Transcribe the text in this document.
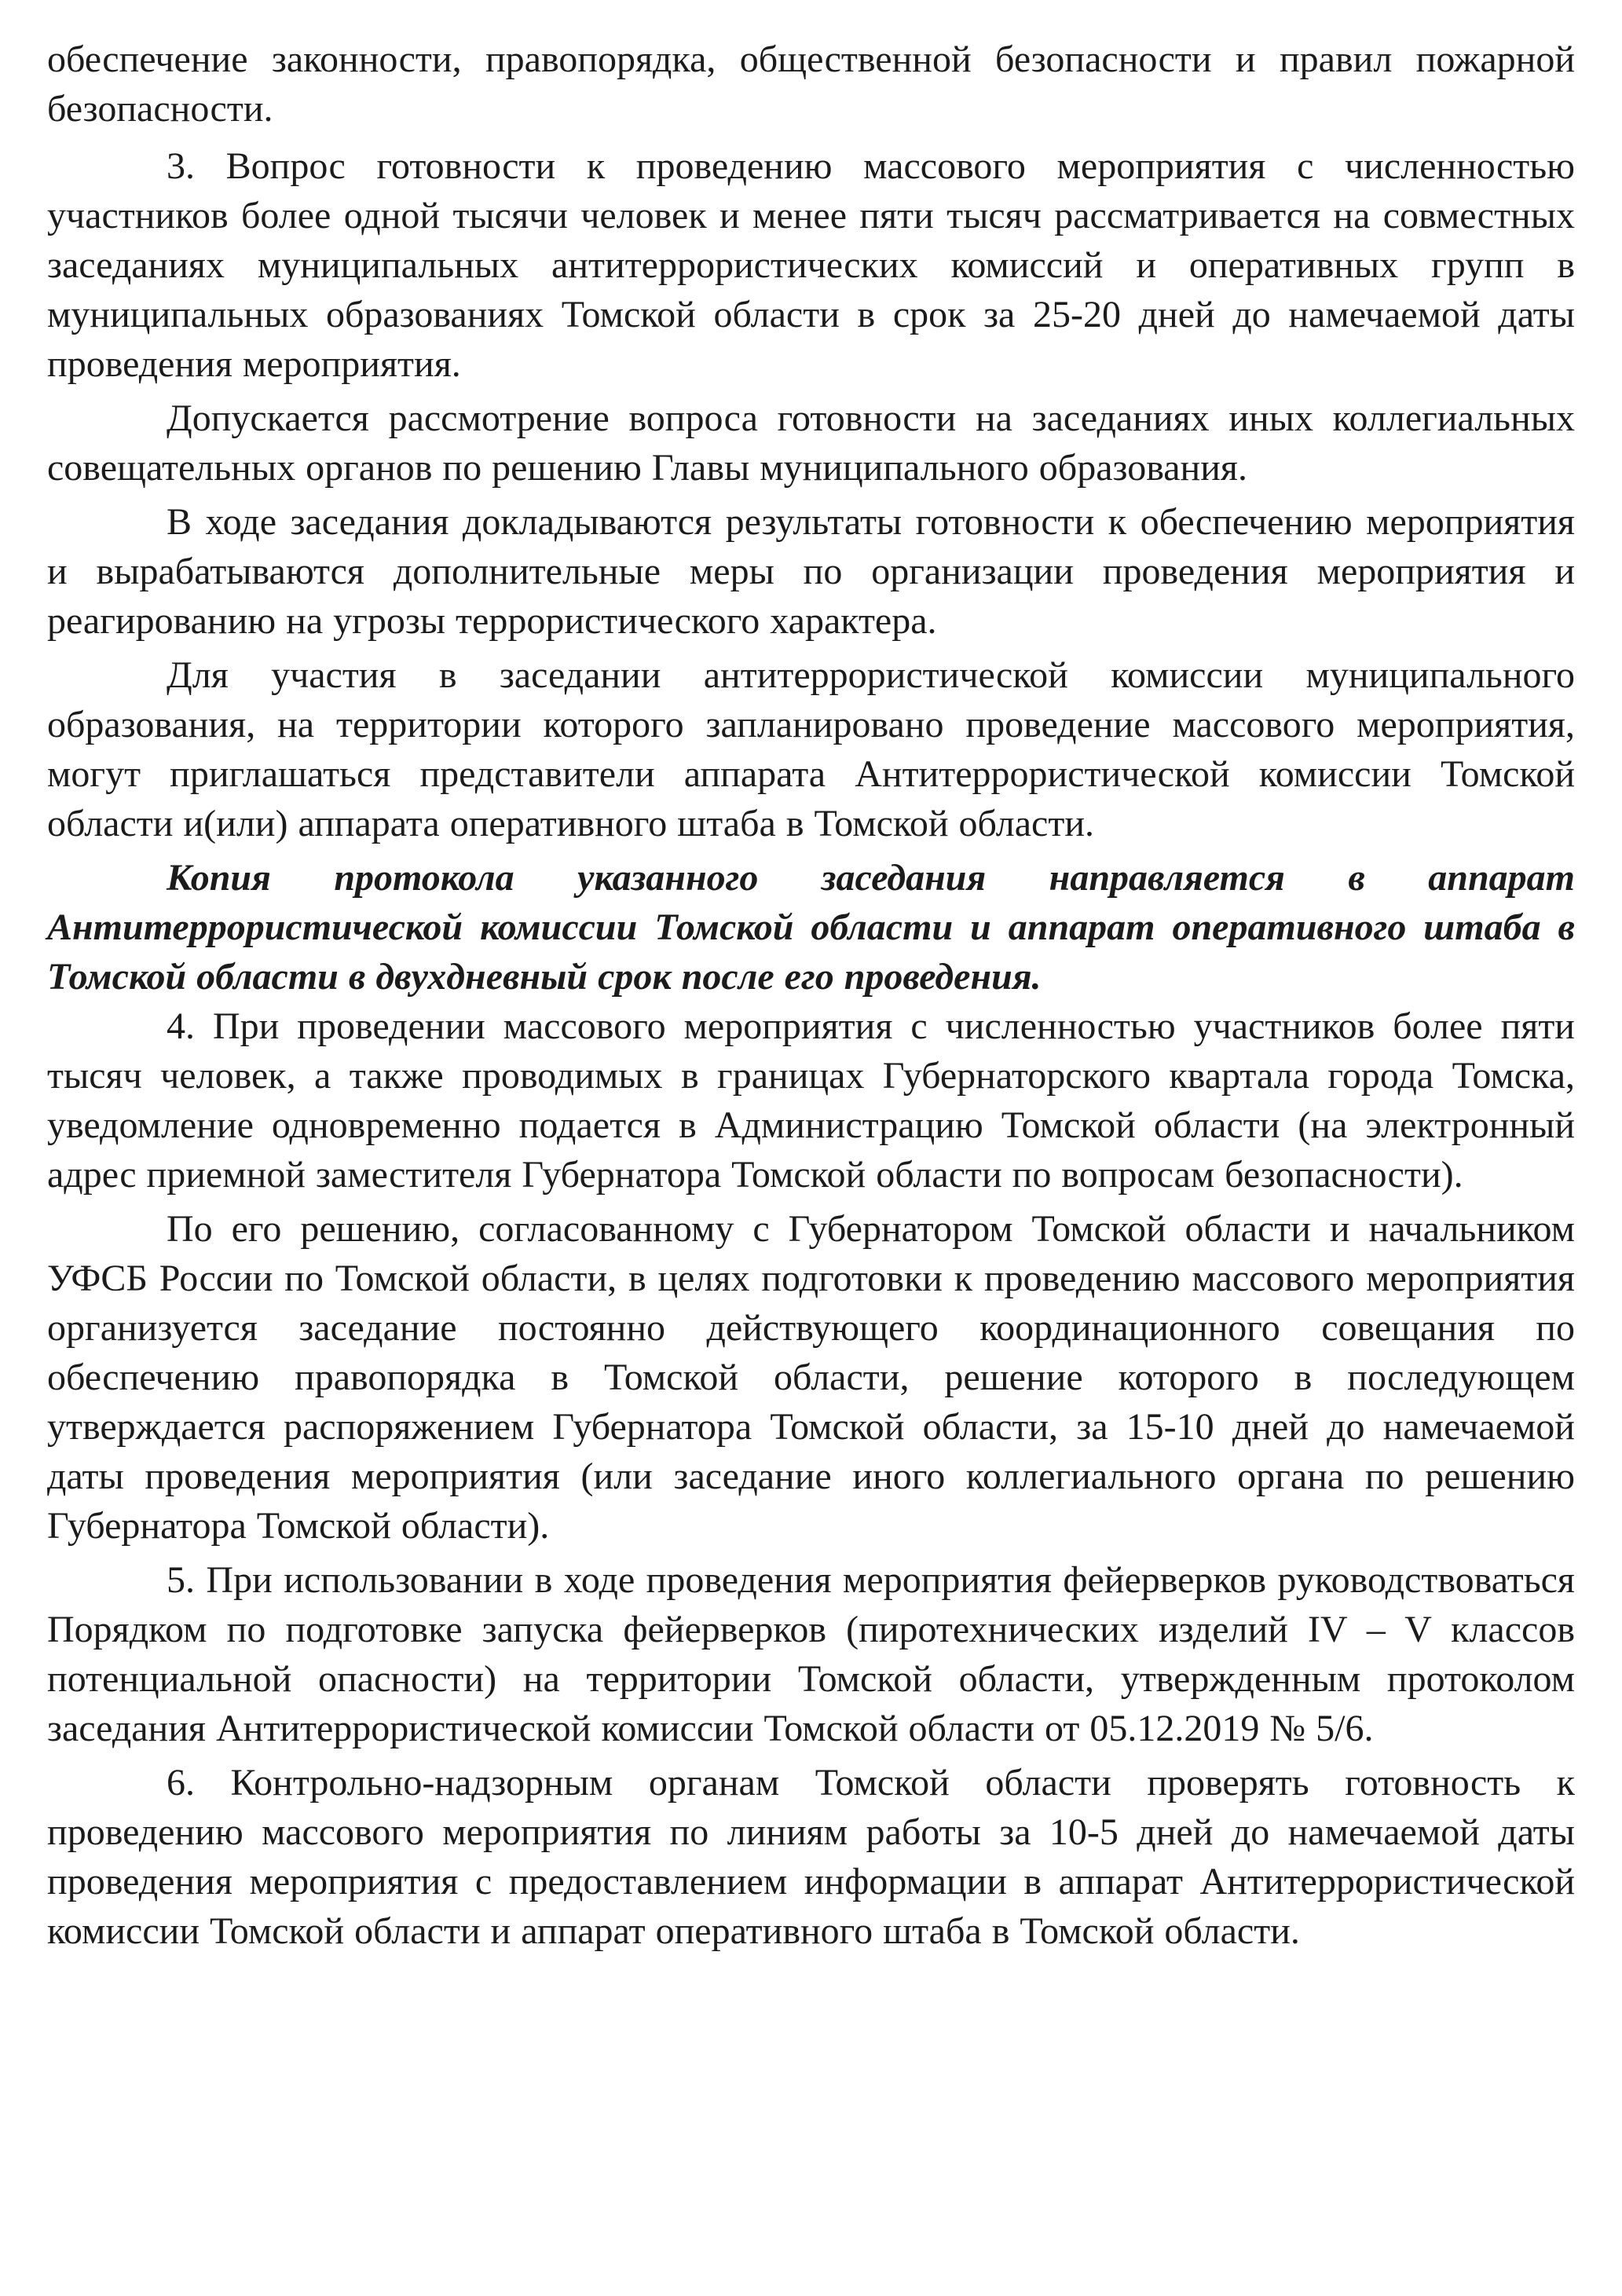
обеспечение законности, правопорядка, общественной безопасности и правил пожарной безопасности.

3. Вопрос готовности к проведению массового мероприятия с численностью участников более одной тысячи человек и менее пяти тысяч рассматривается на совместных заседаниях муниципальных антитеррористических комиссий и оперативных групп в муниципальных образованиях Томской области в срок за 25-20 дней до намечаемой даты проведения мероприятия.

Допускается рассмотрение вопроса готовности на заседаниях иных коллегиальных совещательных органов по решению Главы муниципального образования.

В ходе заседания докладываются результаты готовности к обеспечению мероприятия и вырабатываются дополнительные меры по организации проведения мероприятия и реагированию на угрозы террористического характера.

Для участия в заседании антитеррористической комиссии муниципального образования, на территории которого запланировано проведение массового мероприятия, могут приглашаться представители аппарата Антитеррористической комиссии Томской области и(или) аппарата оперативного штаба в Томской области.

Копия протокола указанного заседания направляется в аппарат Антитеррористической комиссии Томской области и аппарат оперативного штаба в Томской области в двухдневный срок после его проведения.

4. При проведении массового мероприятия с численностью участников более пяти тысяч человек, а также проводимых в границах Губернаторского квартала города Томска, уведомление одновременно подается в Администрацию Томской области (на электронный адрес приемной заместителя Губернатора Томской области по вопросам безопасности).

По его решению, согласованному с Губернатором Томской области и начальником УФСБ России по Томской области, в целях подготовки к проведению массового мероприятия организуется заседание постоянно действующего координационного совещания по обеспечению правопорядка в Томской области, решение которого в последующем утверждается распоряжением Губернатора Томской области, за 15-10 дней до намечаемой даты проведения мероприятия (или заседание иного коллегиального органа по решению Губернатора Томской области).

5. При использовании в ходе проведения мероприятия фейерверков руководствоваться Порядком по подготовке запуска фейерверков (пиротехнических изделий IV – V классов потенциальной опасности) на территории Томской области, утвержденным протоколом заседания Антитеррористической комиссии Томской области от 05.12.2019 № 5/6.

6. Контрольно-надзорным органам Томской области проверять готовность к проведению массового мероприятия по линиям работы за 10-5 дней до намечаемой даты проведения мероприятия с предоставлением информации в аппарат Антитеррористической комиссии Томской области и аппарат оперативного штаба в Томской области.
